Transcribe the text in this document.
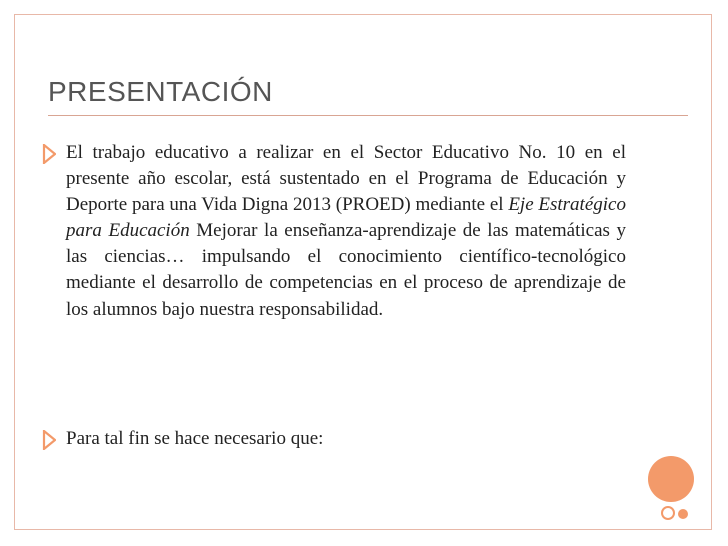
PRESENTACIÓN
El trabajo educativo a realizar en el Sector Educativo No. 10 en el presente año escolar, está sustentado en el Programa de Educación y Deporte para una Vida Digna 2013 (PROED) mediante el Eje Estratégico para Educación Mejorar la enseñanza-aprendizaje de las matemáticas y las ciencias… impulsando el conocimiento científico-tecnológico mediante el desarrollo de competencias en el proceso de aprendizaje de los alumnos bajo nuestra responsabilidad.
Para tal fin se hace necesario que:
